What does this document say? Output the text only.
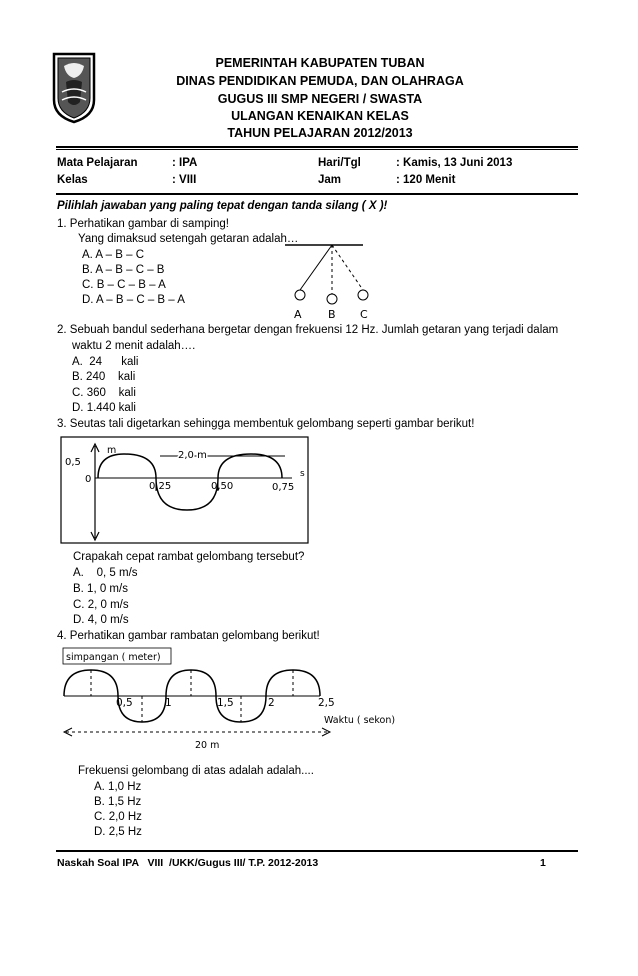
PEMERINTAH KABUPATEN TUBAN
DINAS PENDIDIKAN PEMUDA, DAN OLAHRAGA
GUGUS III SMP NEGERI / SWASTA
ULANGAN KENAIKAN KELAS
TAHUN PELAJARAN 2012/2013
Mata Pelajaran	: IPA	Hari/Tgl	: Kamis, 13 Juni 2013
Kelas	: VIII	Jam	: 120 Menit
Pilihlah jawaban yang paling tepat dengan tanda silang ( X )!
1. Perhatikan gambar di samping!
Yang dimaksud setengah getaran adalah…
A. A – B – C
B. A – B – C – B
C. B – C – B – A
D. A – B – C – B – A
A B C
2. Sebuah bandul sederhana bergetar dengan frekuensi 12 Hz. Jumlah getaran yang terjadi dalam
waktu 2 menit adalah….
A.  24      kali
B. 240    kali
C. 360    kali
D. 1.440 kali
3. Seutas tali digetarkan sehingga membentuk gelombang seperti gambar berikut!
m	2,0 m
0,5
0
0,25	0,50	0,75
s
Crapakah cepat rambat gelombang tersebut?
A.    0, 5 m/s
B. 1, 0 m/s
C. 2, 0 m/s
D. 4, 0 m/s
4. Perhatikan gambar rambatan gelombang berikut!
simpangan ( meter)
0,5	1	1,5	2	2,5
Waktu ( sekon)
20 m
Frekuensi gelombang di atas adalah adalah....
A. 1,0 Hz
B. 1,5 Hz
C. 2,0 Hz
D. 2,5 Hz
Naskah Soal IPA   VIII  /UKK/Gugus III/ T.P. 2012-2013	1
